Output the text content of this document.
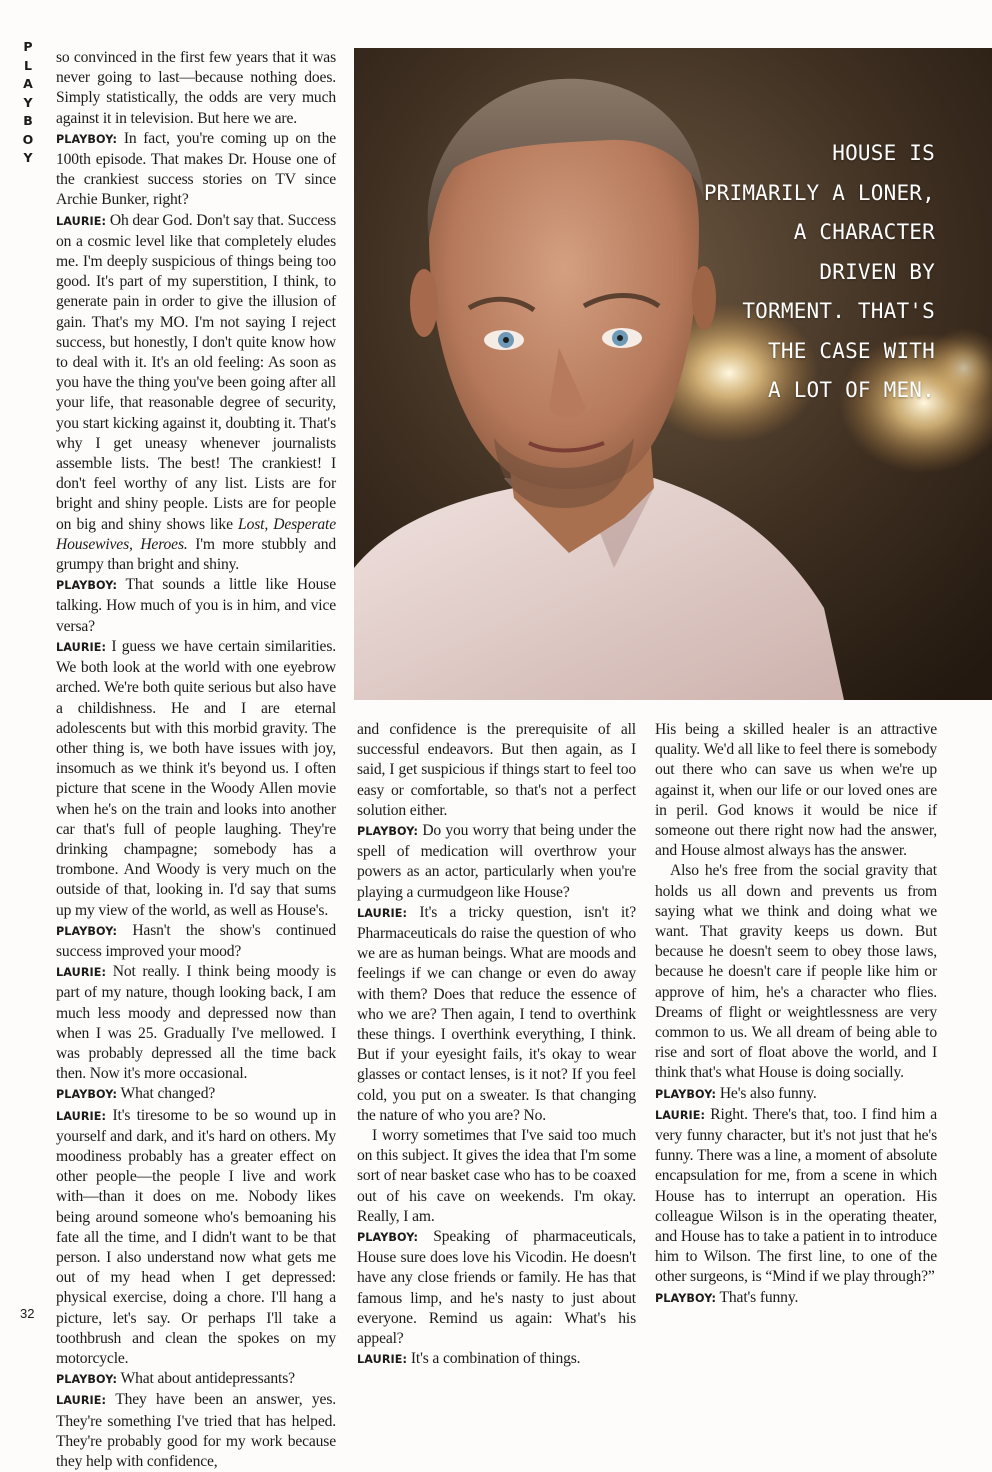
P
L
A
Y
B
O
Y

so convinced in the first few years that it was never going to last—because nothing does. Simply statistically, the odds are very much against it in television. But here we are.

PLAYBOY: In fact, you're coming up on the 100th episode. That makes Dr. House one of the crankiest success stories on TV since Archie Bunker, right?

LAURIE: Oh dear God. Don't say that. Success on a cosmic level like that completely eludes me. I'm deeply suspicious of things being too good. It's part of my superstition, I think, to generate pain in order to give the illusion of gain. That's my MO. I'm not saying I reject success, but honestly, I don't quite know how to deal with it. It's an old feeling: As soon as you have the thing you've been going after all your life, that reasonable degree of security, you start kicking against it, doubting it. That's why I get uneasy whenever journalists assemble lists. The best! The crankiest! I don't feel worthy of any list. Lists are for bright and shiny people. Lists are for people on big and shiny shows like Lost, Desperate Housewives, Heroes. I'm more stubbly and grumpy than bright and shiny.

PLAYBOY: That sounds a little like House talking. How much of you is in him, and vice versa?

LAURIE: I guess we have certain similarities. We both look at the world with one eyebrow arched. We're both quite serious but also have a childishness. He and I are eternal adolescents but with this morbid gravity. The other thing is, we both have issues with joy, insomuch as we think it's beyond us. I often picture that scene in the Woody Allen movie when he's on the train and looks into another car that's full of people laughing. They're drinking champagne; somebody has a trombone. And Woody is very much on the outside of that, looking in. I'd say that sums up my view of the world, as well as House's.

PLAYBOY: Hasn't the show's continued success improved your mood?

LAURIE: Not really. I think being moody is part of my nature, though looking back, I am much less moody and depressed now than when I was 25. Gradually I've mellowed. I was probably depressed all the time back then. Now it's more occasional.

PLAYBOY: What changed?

LAURIE: It's tiresome to be so wound up in yourself and dark, and it's hard on others. My moodiness probably has a greater effect on other people—the people I live and work with—than it does on me. Nobody likes being around someone who's bemoaning his fate all the time, and I didn't want to be that person. I also understand now what gets me out of my head when I get depressed: physical exercise, doing a chore. I'll hang a picture, let's say. Or perhaps I'll take a toothbrush and clean the spokes on my motorcycle.

PLAYBOY: What about antidepressants?

LAURIE: They have been an answer, yes. They're something I've tried that has helped. They're probably good for my work because they help with confidence,

HOUSE IS
PRIMARILY A LONER,
A CHARACTER
DRIVEN BY
TORMENT. THAT'S
THE CASE WITH
A LOT OF MEN.

and confidence is the prerequisite of all successful endeavors. But then again, as I said, I get suspicious if things start to feel too easy or comfortable, so that's not a perfect solution either.

PLAYBOY: Do you worry that being under the spell of medication will overthrow your powers as an actor, particularly when you're playing a curmudgeon like House?

LAURIE: It's a tricky question, isn't it? Pharmaceuticals do raise the question of who we are as human beings. What are moods and feelings if we can change or even do away with them? Does that reduce the essence of who we are? Then again, I tend to overthink these things. I overthink everything, I think. But if your eyesight fails, it's okay to wear glasses or contact lenses, is it not? If you feel cold, you put on a sweater. Is that changing the nature of who you are? No.

I worry sometimes that I've said too much on this subject. It gives the idea that I'm some sort of near basket case who has to be coaxed out of his cave on weekends. I'm okay. Really, I am.

PLAYBOY: Speaking of pharmaceuticals, House sure does love his Vicodin. He doesn't have any close friends or family. He has that famous limp, and he's nasty to just about everyone. Remind us again: What's his appeal?

LAURIE: It's a combination of things.

His being a skilled healer is an attractive quality. We'd all like to feel there is somebody out there who can save us when we're up against it, when our life or our loved ones are in peril. God knows it would be nice if someone out there right now had the answer, and House almost always has the answer.

Also he's free from the social gravity that holds us all down and prevents us from saying what we think and doing what we want. That gravity keeps us down. But because he doesn't seem to obey those laws, because he doesn't care if people like him or approve of him, he's a character who flies. Dreams of flight or weightlessness are very common to us. We all dream of being able to rise and sort of float above the world, and I think that's what House is doing socially.

PLAYBOY: He's also funny.

LAURIE: Right. There's that, too. I find him a very funny character, but it's not just that he's funny. There was a line, a moment of absolute encapsulation for me, from a scene in which House has to interrupt an operation. His colleague Wilson is in the operating theater, and House has to take a patient in to introduce him to Wilson. The first line, to one of the other surgeons, is “Mind if we play through?”

PLAYBOY: That's funny.

32
